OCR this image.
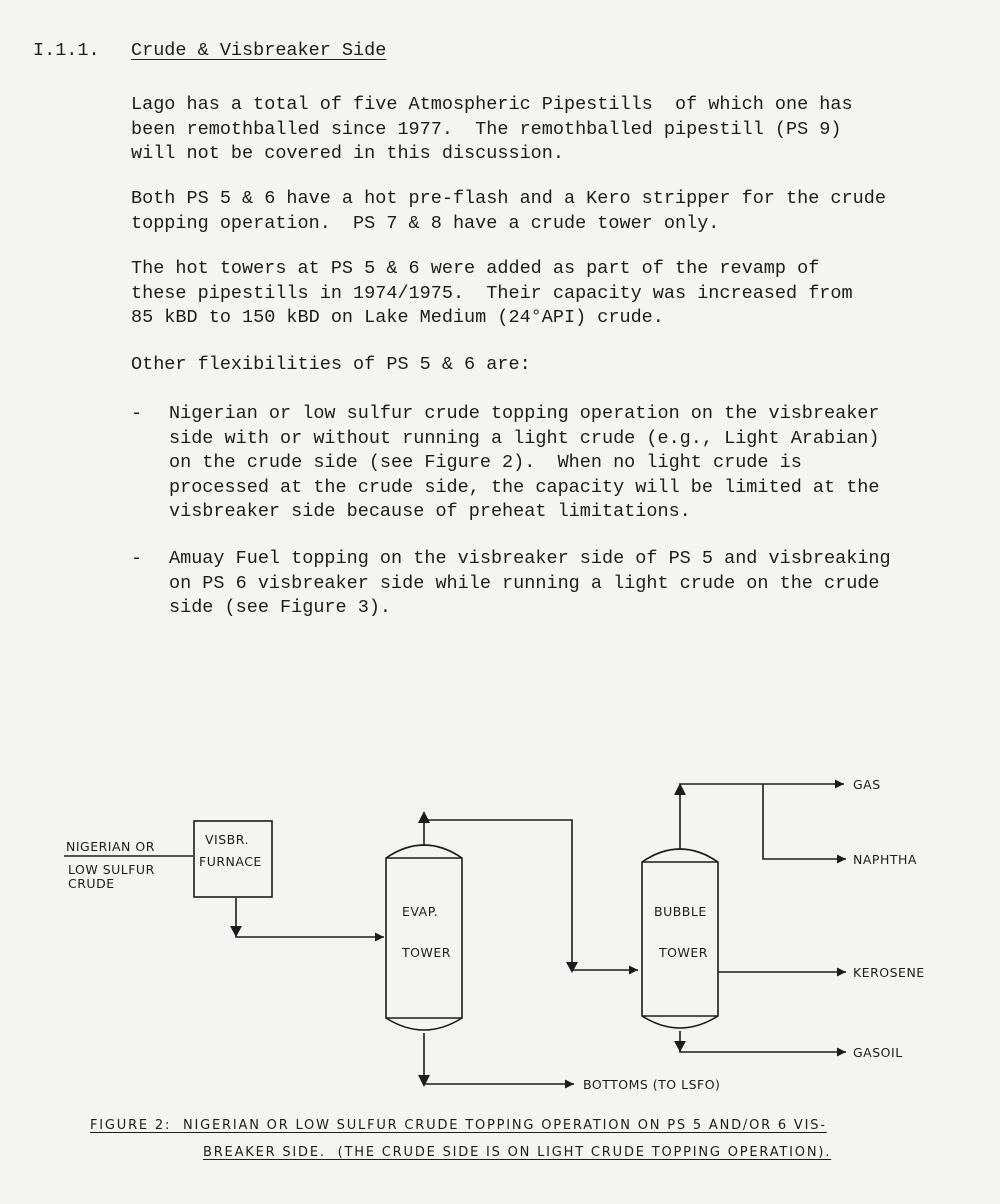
I.1.1. Crude & Visbreaker Side
Lago has a total of five Atmospheric Pipestills  of which one has
been remothballed since 1977.  The remothballed pipestill (PS 9)
will not be covered in this discussion.
Both PS 5 & 6 have a hot pre-flash and a Kero stripper for the crude
topping operation.  PS 7 & 8 have a crude tower only.
The hot towers at PS 5 & 6 were added as part of the revamp of
these pipestills in 1974/1975.  Their capacity was increased from
85 kBD to 150 kBD on Lake Medium (24°API) crude.
Other flexibilities of PS 5 & 6 are:
- Nigerian or low sulfur crude topping operation on the visbreaker
side with or without running a light crude (e.g., Light Arabian)
on the crude side (see Figure 2).  When no light crude is
processed at the crude side, the capacity will be limited at the
visbreaker side because of preheat limitations.
- Amuay Fuel topping on the visbreaker side of PS 5 and visbreaking
on PS 6 visbreaker side while running a light crude on the crude
side (see Figure 3).
NIGERIAN OR
LOW SULFUR
CRUDE
VISBR.
FURNACE
EVAP.
TOWER
BUBBLE
TOWER
GAS
NAPHTHA
KEROSENE
GASOIL
BOTTOMS (TO LSFO)
FIGURE 2:  NIGERIAN OR LOW SULFUR CRUDE TOPPING OPERATION ON PS 5 AND/OR 6 VIS-
BREAKER SIDE.  (THE CRUDE SIDE IS ON LIGHT CRUDE TOPPING OPERATION).
